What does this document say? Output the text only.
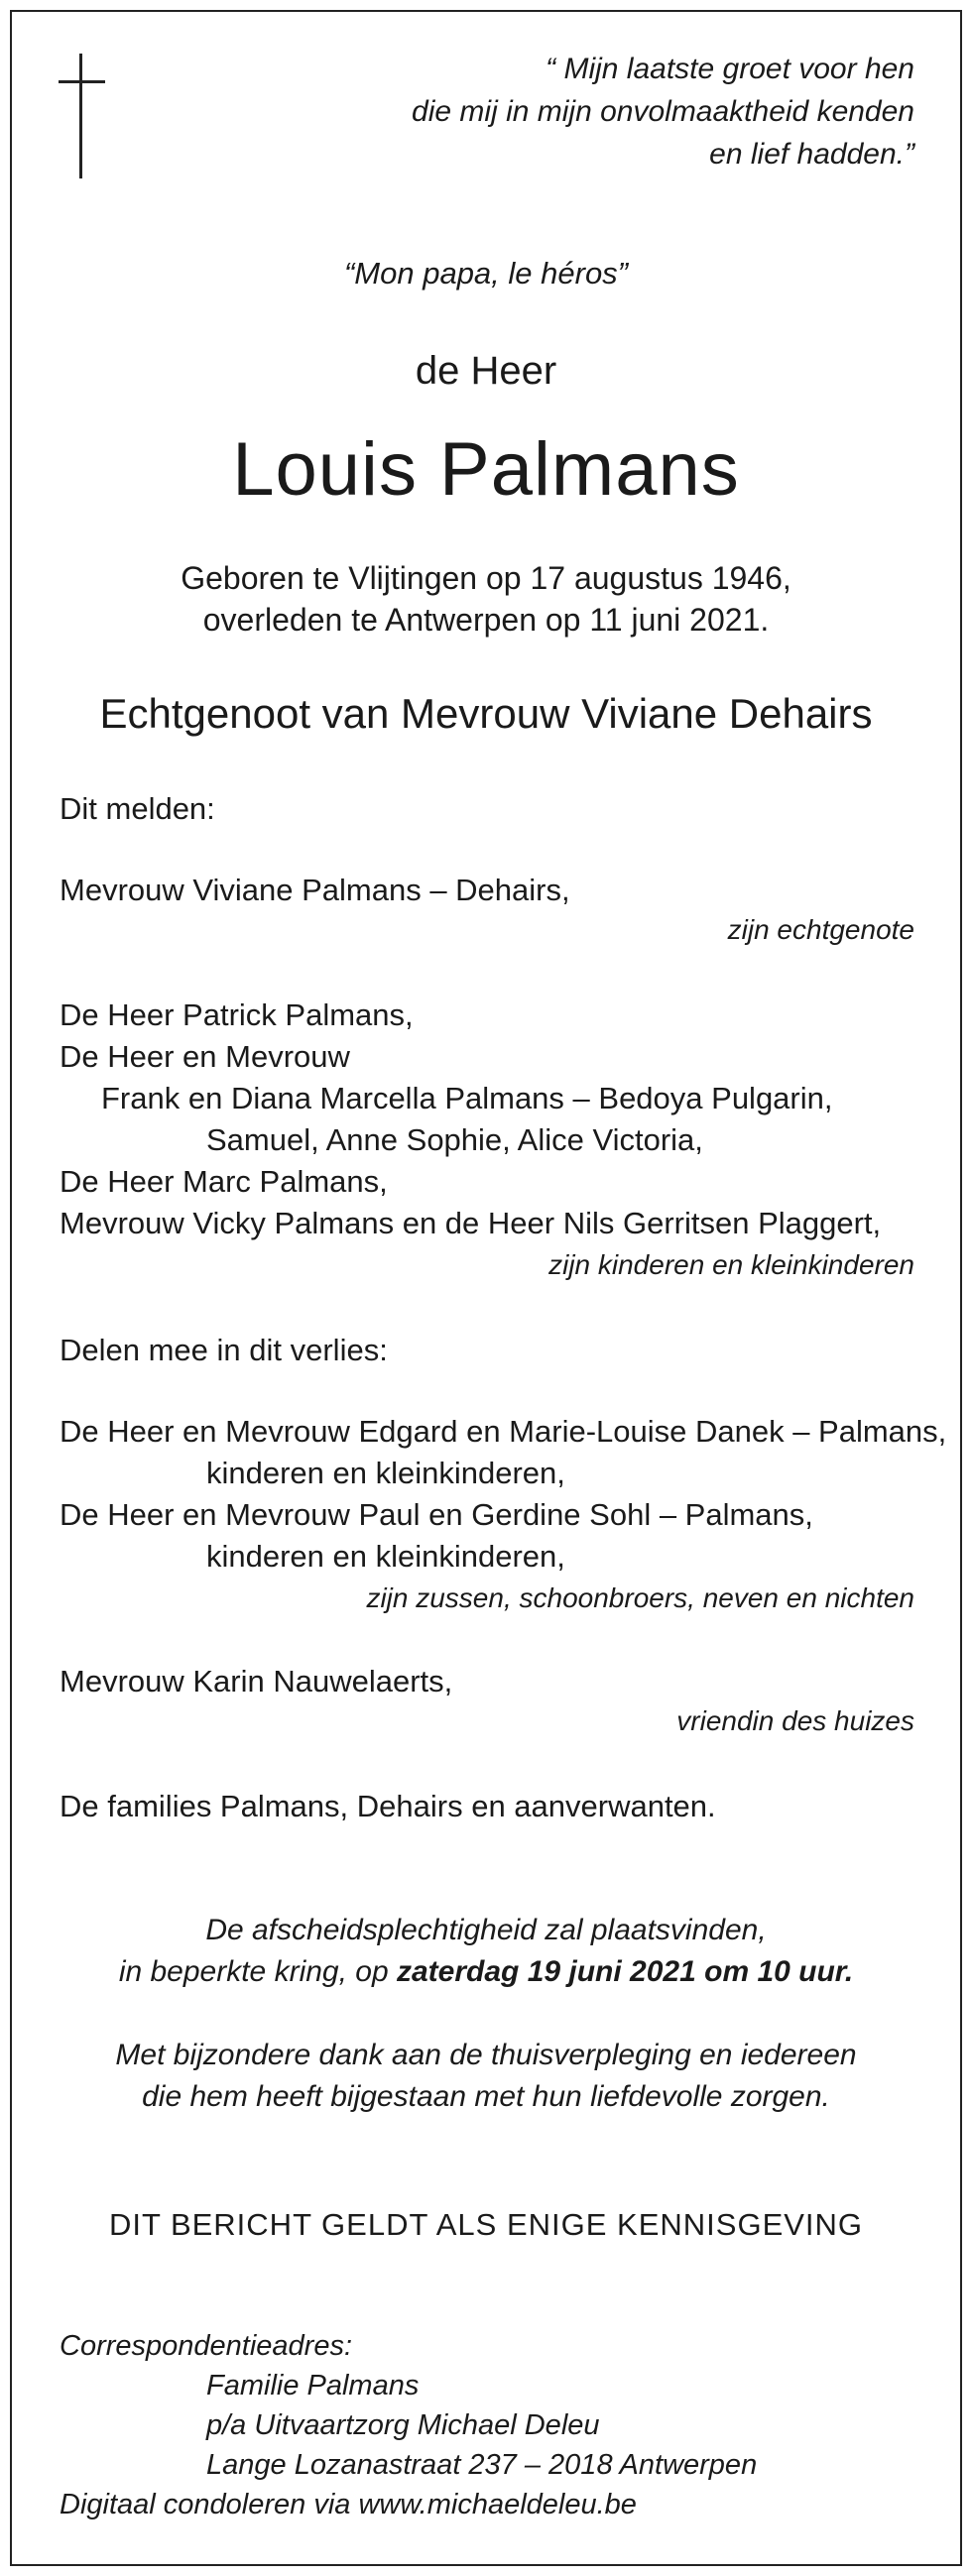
“ Mijn laatste groet voor hen
die mij in mijn onvolmaaktheid kenden
en lief hadden.”
“Mon papa, le héros”
de Heer
Louis Palmans
Geboren te Vlijtingen op 17 augustus 1946,
overleden te Antwerpen op 11 juni 2021.
Echtgenoot van Mevrouw Viviane Dehairs
Dit melden:
Mevrouw Viviane Palmans – Dehairs,
zijn echtgenote
De Heer Patrick Palmans,
De Heer en Mevrouw
Frank en Diana Marcella Palmans – Bedoya Pulgarin,
Samuel, Anne Sophie, Alice Victoria,
De Heer Marc Palmans,
Mevrouw Vicky Palmans en de Heer Nils Gerritsen Plaggert,
zijn kinderen en kleinkinderen
Delen mee in dit verlies:
De Heer en Mevrouw Edgard en Marie-Louise Danek – Palmans,
kinderen en kleinkinderen,
De Heer en Mevrouw Paul en Gerdine Sohl – Palmans,
kinderen en kleinkinderen,
zijn zussen, schoonbroers, neven en nichten
Mevrouw Karin Nauwelaerts,
vriendin des huizes
De families Palmans, Dehairs en aanverwanten.
De afscheidsplechtigheid zal plaatsvinden,
in beperkte kring, op zaterdag 19 juni 2021 om 10 uur.
Met bijzondere dank aan de thuisverpleging en iedereen
die hem heeft bijgestaan met hun liefdevolle zorgen.
DIT BERICHT GELDT ALS ENIGE KENNISGEVING
Correspondentieadres:
Familie Palmans
p/a Uitvaartzorg Michael Deleu
Lange Lozanastraat 237 – 2018 Antwerpen
Digitaal condoleren via www.michaeldeleu.be
